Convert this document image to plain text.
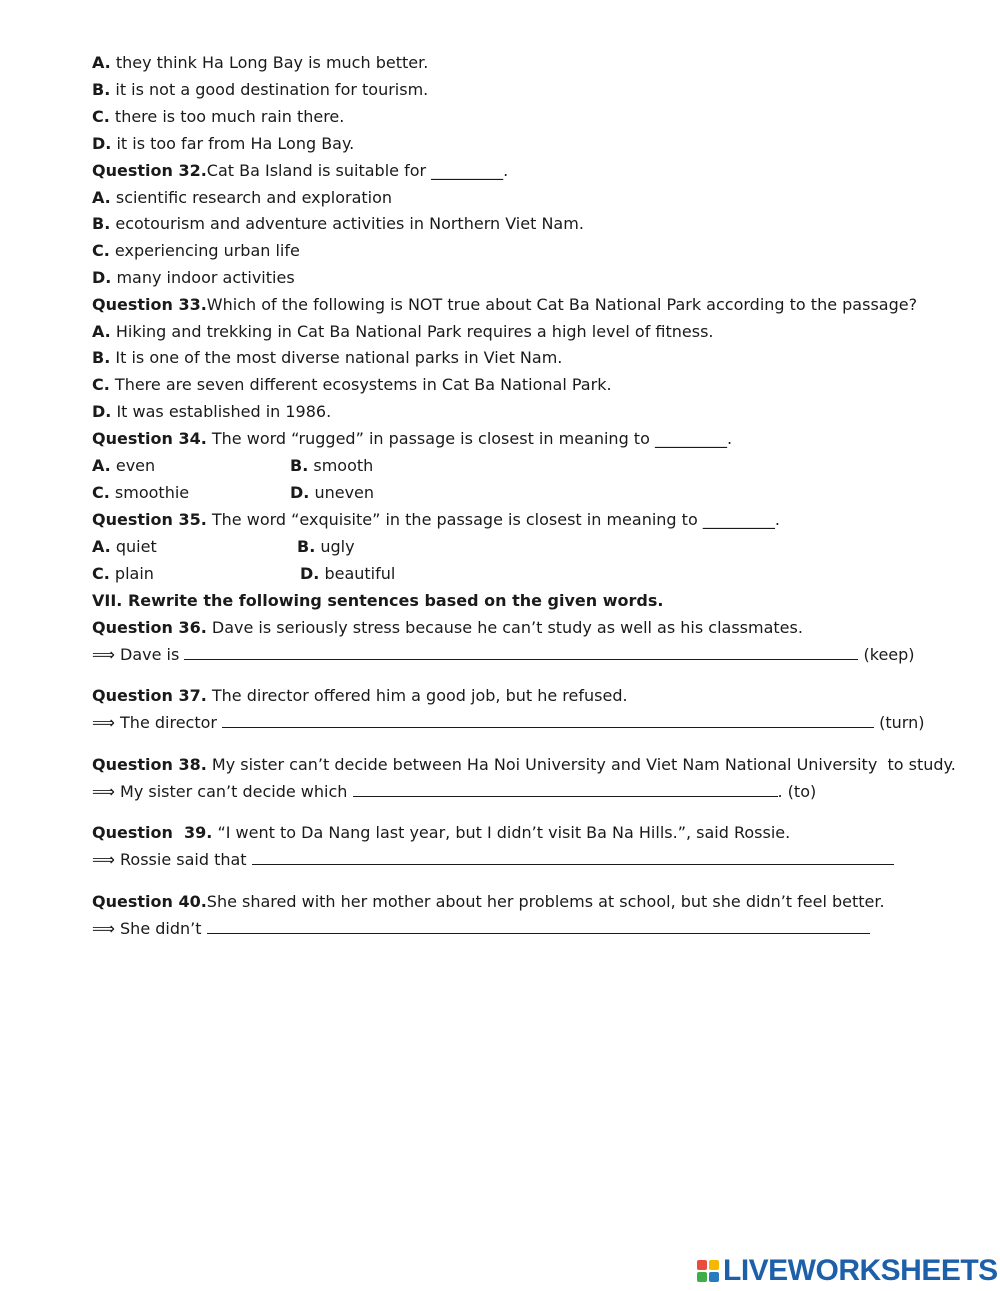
A. they think Ha Long Bay is much better.
B. it is not a good destination for tourism.
C. there is too much rain there.
D. it is too far from Ha Long Bay.
Question 32.Cat Ba Island is suitable for _________.
A. scientific research and exploration
B. ecotourism and adventure activities in Northern Viet Nam.
C. experiencing urban life
D. many indoor activities
Question 33.Which of the following is NOT true about Cat Ba National Park according to the passage?
A. Hiking and trekking in Cat Ba National Park requires a high level of fitness.
B. It is one of the most diverse national parks in Viet Nam.
C. There are seven different ecosystems in Cat Ba National Park.
D. It was established in 1986.
Question 34. The word “rugged” in passage is closest in meaning to _________.
A. even	B. smooth
C. smoothie	D. uneven
Question 35. The word “exquisite” in the passage is closest in meaning to _________.
A. quiet	B. ugly
C. plain	D. beautiful
VII. Rewrite the following sentences based on the given words.
Question 36. Dave is seriously stress because he can’t study as well as his classmates.
⟹ Dave is	(keep)
Question 37. The director offered him a good job, but he refused.
⟹ The director	(turn)
Question 38. My sister can’t decide between Ha Noi University and Viet Nam National University  to study.
⟹ My sister can’t decide which	. (to)
Question  39. “I went to Da Nang last year, but I didn’t visit Ba Na Hills.”, said Rossie.
⟹ Rossie said that
Question 40.She shared with her mother about her problems at school, but she didn’t feel better.
⟹ She didn’t
LIVEWORKSHEETS
